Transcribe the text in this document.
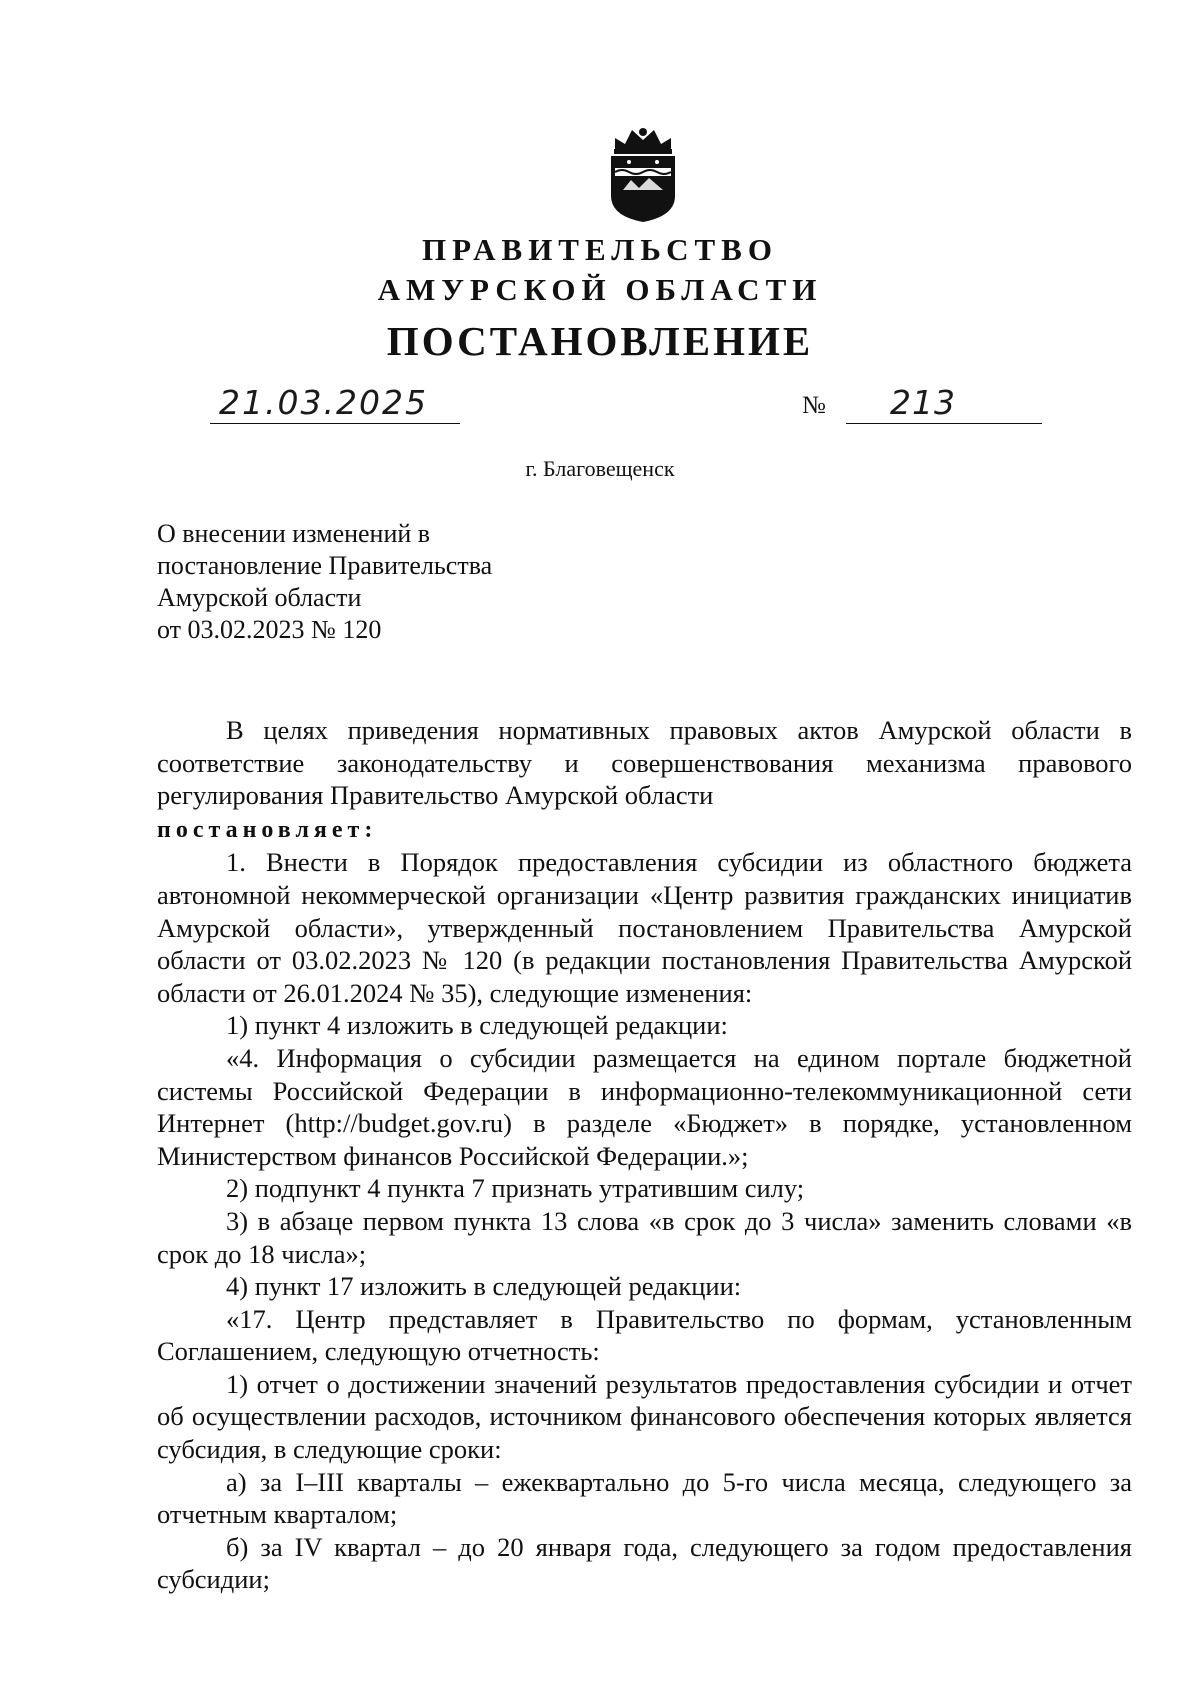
ПРАВИТЕЛЬСТВО
АМУРСКОЙ ОБЛАСТИ
ПОСТАНОВЛЕНИЕ
21.03.2025	№ 213
г. Благовещенск
О внесении изменений в
постановление Правительства
Амурской области
от 03.02.2023 № 120

В целях приведения нормативных правовых актов Амурской области в соответствие законодательству и совершенствования механизма правового регулирования Правительство Амурской области

постановляет:

1. Внести в Порядок предоставления субсидии из областного бюджета автономной некоммерческой организации «Центр развития гражданских инициатив Амурской области», утвержденный постановлением Правительства Амурской области от 03.02.2023 № 120 (в редакции постановления Правительства Амурской области от 26.01.2024 № 35), следующие изменения:

1) пункт 4 изложить в следующей редакции:

«4. Информация о субсидии размещается на едином портале бюджетной системы Российской Федерации в информационно-телекоммуникационной сети Интернет (http://budget.gov.ru) в разделе «Бюджет» в порядке, установленном Министерством финансов Российской Федерации.»;

2) подпункт 4 пункта 7 признать утратившим силу;

3) в абзаце первом пункта 13 слова «в срок до 3 числа» заменить словами «в срок до 18 числа»;

4) пункт 17 изложить в следующей редакции:

«17. Центр представляет в Правительство по формам, установленным Соглашением, следующую отчетность:

1) отчет о достижении значений результатов предоставления субсидии и отчет об осуществлении расходов, источником финансового обеспечения которых является субсидия, в следующие сроки:

а) за I–III кварталы – ежеквартально до 5-го числа месяца, следующего за отчетным кварталом;

б) за IV квартал – до 20 января года, следующего за годом предоставления субсидии;
